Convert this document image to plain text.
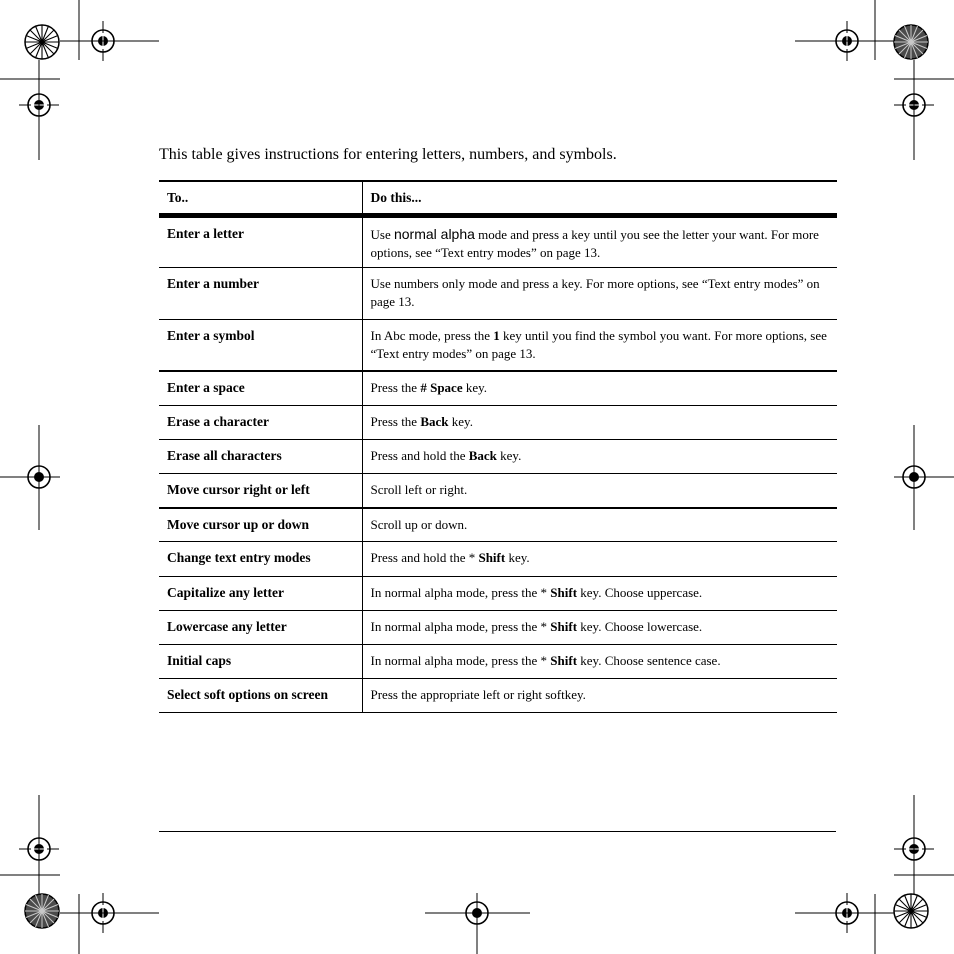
This table gives instructions for entering letters, numbers, and symbols.
To..	Do this...
Enter a letter	Use normal alpha mode and press a key until you see the letter your want. For more options, see “Text entry modes” on page 13.
Enter a number	Use numbers only mode and press a key. For more options, see “Text entry modes” on page 13.
Enter a symbol	In Abc mode, press the 1 key until you find the symbol you want. For more options, see “Text entry modes” on page 13.
Enter a space	Press the # Space key.
Erase a character	Press the Back key.
Erase all characters	Press and hold the Back key.
Move cursor right or left	Scroll left or right.
Move cursor up or down	Scroll up or down.
Change text entry modes	Press and hold the * Shift key.
Capitalize any letter	In normal alpha mode, press the * Shift key. Choose uppercase.
Lowercase any letter	In normal alpha mode, press the * Shift key. Choose lowercase.
Initial caps	In normal alpha mode, press the * Shift key. Choose sentence case.
Select soft options on screen	Press the appropriate left or right softkey.
